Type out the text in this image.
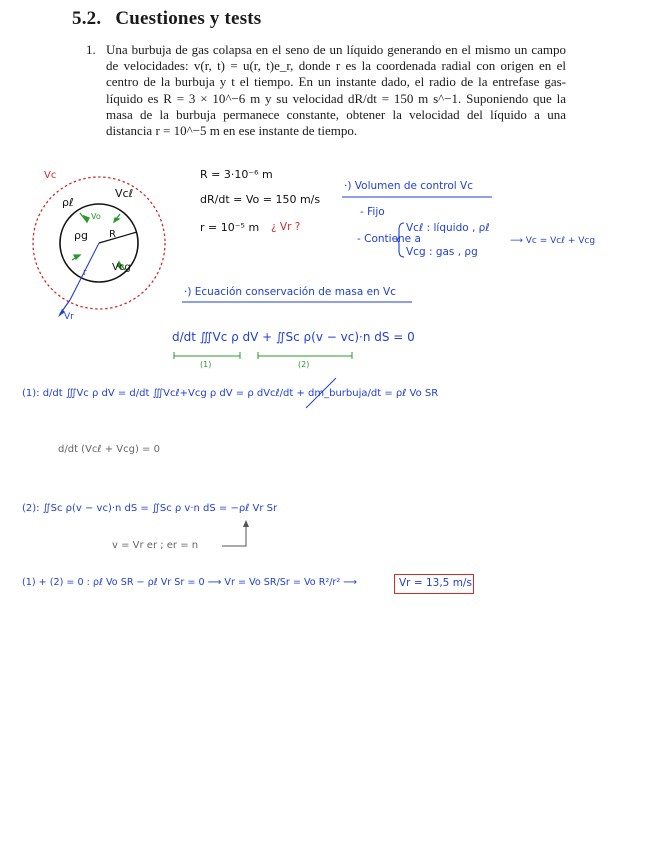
5.2. Cuestiones y tests
1. Una burbuja de gas colapsa en el seno de un líquido generando en el mismo un campo de velocidades: v(r, t) = u(r, t)e_r, donde r es la coordenada radial con origen en el centro de la burbuja y t el tiempo. En un instante dado, el radio de la entrefase gas-líquido es R = 3 × 10^−6 m y su velocidad dR/dt = 150 m s^−1. Suponiendo que la masa de la burbuja permanece constante, obtener la velocidad del líquido a una distancia r = 10^−5 m en ese instante de tiempo.
Vc
Vcℓ
ρℓ
ρg R
Vcg
Vo
r
Vr
R = 3·10⁻⁶ m
dR/dt = Vo = 150 m/s
r = 10⁻⁵ m ¿ Vr ?
·) Volumen de control Vc
- Fijo
- Contiene a
Vcℓ : líquido , ρℓ
Vcg : gas , ρg
⟶ Vc = Vcℓ + Vcg
·) Ecuación conservación de masa en Vc
d/dt ∭Vc ρ dV + ∬Sc ρ(v − vc)·n dS = 0
(1)	(2)
(1): d/dt ∭Vc ρ dV = d/dt ∭Vcℓ+Vcg ρ dV = ρ dVcℓ/dt + dm_burbuja/dt = ρℓ Vo SR
d/dt (Vcℓ + Vcg) = 0
(2): ∬Sc ρ(v − vc)·n dS = ∬Sc ρ v·n dS = −ρℓ Vr Sr
v = Vr er ; er = n
(1) + (2) = 0 : ρℓ Vo SR − ρℓ Vr Sr = 0 ⟶ Vr = Vo SR/Sr = Vo R²/r² ⟶	Vr = 13,5 m/s
